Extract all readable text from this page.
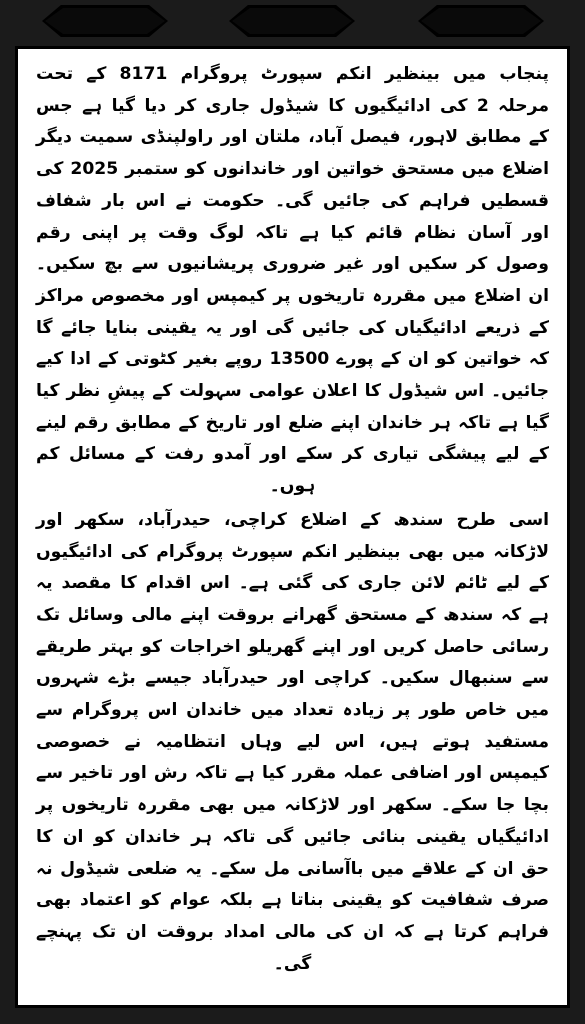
پنجاب میں بینظیر انکم سپورٹ پروگرام 8171 کے تحت مرحلہ 2 کی ادائیگیوں کا شیڈول جاری کر دیا گیا ہے جس کے مطابق لاہور، فیصل آباد، ملتان اور راولپنڈی سمیت دیگر اضلاع میں مستحق خواتین اور خاندانوں کو ستمبر 2025 کی قسطیں فراہم کی جائیں گی۔ حکومت نے اس بار شفاف اور آسان نظام قائم کیا ہے تاکہ لوگ وقت پر اپنی رقم وصول کر سکیں اور غیر ضروری پریشانیوں سے بچ سکیں۔ ان اضلاع میں مقررہ تاریخوں پر کیمپس اور مخصوص مراکز کے ذریعے ادائیگیاں کی جائیں گی اور یہ یقینی بنایا جائے گا کہ خواتین کو ان کے پورے 13500 روپے بغیر کٹوتی کے ادا کیے جائیں۔ اس شیڈول کا اعلان عوامی سہولت کے پیشِ نظر کیا گیا ہے تاکہ ہر خاندان اپنے ضلع اور تاریخ کے مطابق رقم لینے کے لیے پیشگی تیاری کر سکے اور آمدو رفت کے مسائل کم ہوں۔

اسی طرح سندھ کے اضلاع کراچی، حیدرآباد، سکھر اور لاڑکانہ میں بھی بینظیر انکم سپورٹ پروگرام کی ادائیگیوں کے لیے ٹائم لائن جاری کی گئی ہے۔ اس اقدام کا مقصد یہ ہے کہ سندھ کے مستحق گھرانے بروقت اپنے مالی وسائل تک رسائی حاصل کریں اور اپنے گھریلو اخراجات کو بہتر طریقے سے سنبھال سکیں۔ کراچی اور حیدرآباد جیسے بڑے شہروں میں خاص طور پر زیادہ تعداد میں خاندان اس پروگرام سے مستفید ہوتے ہیں، اس لیے وہاں انتظامیہ نے خصوصی کیمپس اور اضافی عملہ مقرر کیا ہے تاکہ رش اور تاخیر سے بچا جا سکے۔ سکھر اور لاڑکانہ میں بھی مقررہ تاریخوں پر ادائیگیاں یقینی بنائی جائیں گی تاکہ ہر خاندان کو ان کا حق ان کے علاقے میں باآسانی مل سکے۔ یہ ضلعی شیڈول نہ صرف شفافیت کو یقینی بناتا ہے بلکہ عوام کو اعتماد بھی فراہم کرتا ہے کہ ان کی مالی امداد بروقت ان تک پہنچے گی۔
